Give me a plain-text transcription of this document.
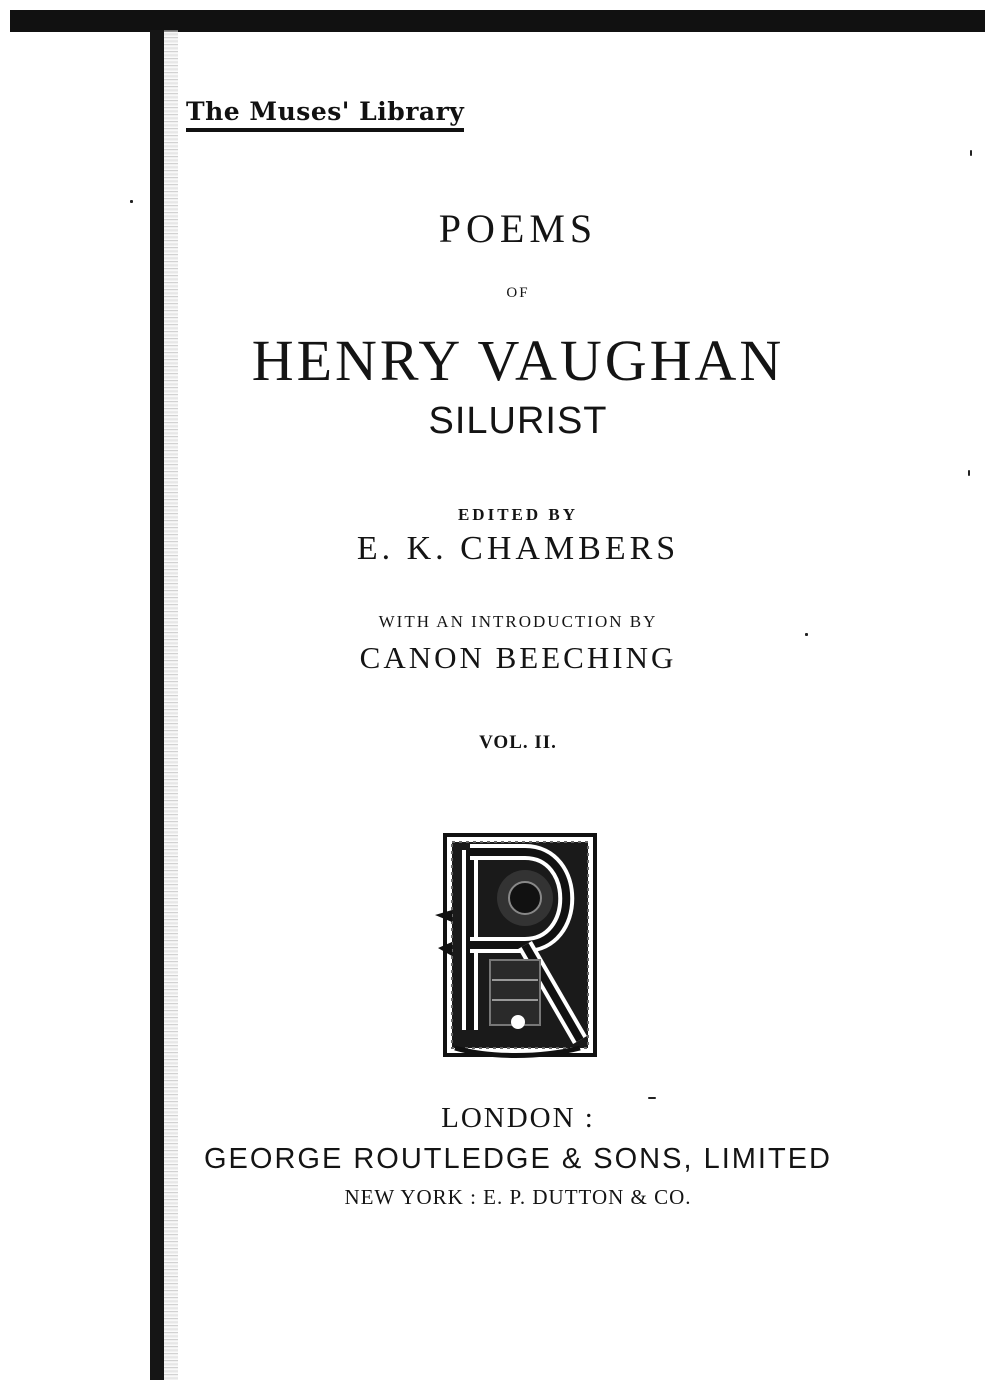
The Muses' Library
POEMS
OF
HENRY VAUGHAN
SILURIST
EDITED BY
E. K. CHAMBERS
WITH AN INTRODUCTION BY
CANON BEECHING
VOL. II.
LONDON :
GEORGE ROUTLEDGE & SONS, LIMITED
NEW YORK : E. P. DUTTON & CO.
